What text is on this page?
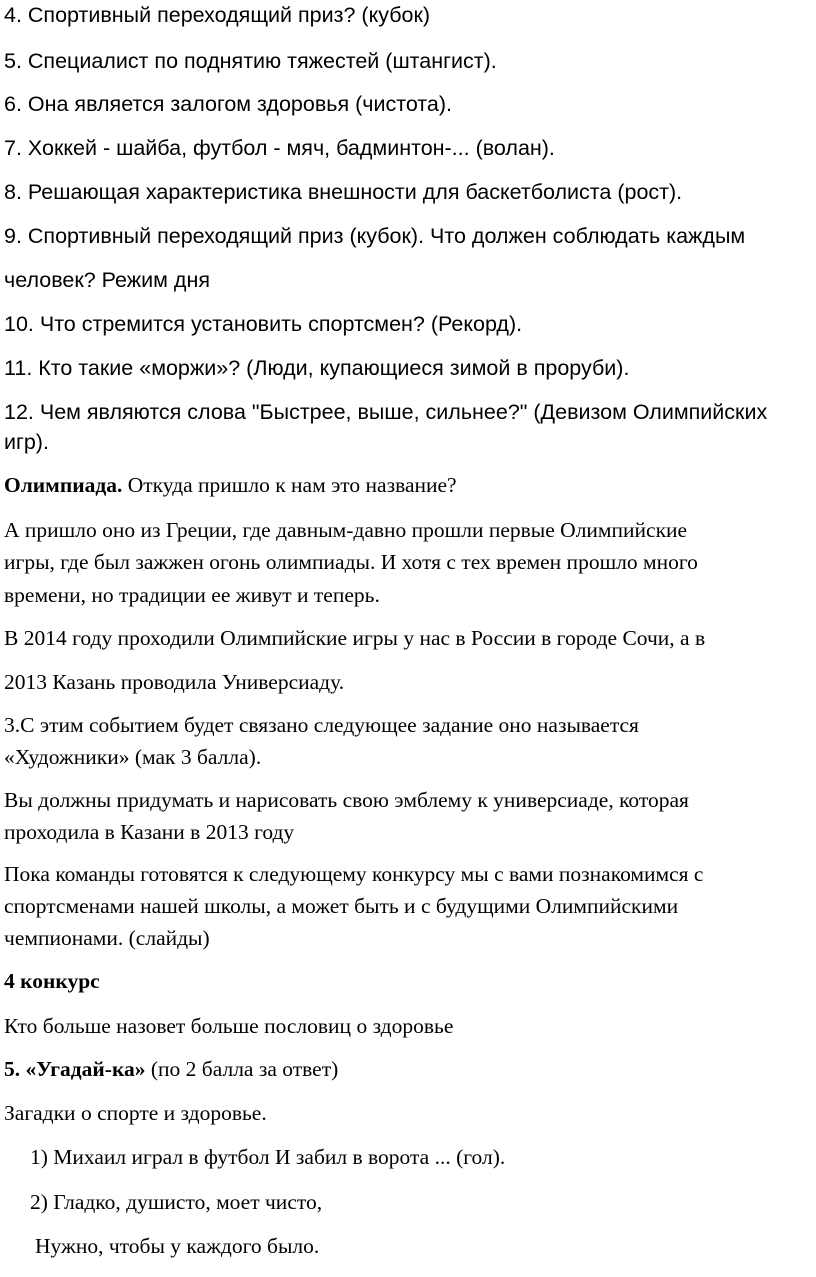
4. Спортивный переходящий приз? (кубок)
5. Специалист по поднятию тяжестей (штангист).
6. Она является залогом здоровья (чистота).
7. Хоккей - шайба, футбол - мяч, бадминтон-... (волан).
8. Решающая характеристика внешности для баскетболиста (рост).
9. Спортивный переходящий приз (кубок). Что должен соблюдать каждым
человек? Режим дня
10. Что стремится установить спортсмен? (Рекорд).
11. Кто такие «моржи»? (Люди, купающиеся зимой в проруби).
12. Чем являются слова "Быстрее, выше, сильнее?" (Девизом Олимпийских
игр).
Олимпиада. Откуда пришло к нам это название?
А пришло оно из Греции, где давным-давно прошли первые Олимпийские
игры, где был зажжен огонь олимпиады. И хотя с тех времен прошло много
времени, но традиции ее живут и теперь.
В 2014 году проходили Олимпийские игры у нас в России в городе Сочи, а в
2013 Казань проводила Универсиаду.
3.С этим событием будет связано следующее задание оно называется
«Художники» (мак 3 балла).
Вы должны придумать и нарисовать свою эмблему к универсиаде, которая
проходила в Казани в 2013 году
Пока команды готовятся к следующему конкурсу мы с вами познакомимся с
спортсменами нашей школы, а может быть и с будущими Олимпийскими
чемпионами. (слайды)
4 конкурс
Кто больше назовет больше пословиц о здоровье
5. «Угадай-ка» (по 2 балла за ответ)
Загадки о спорте и здоровье.
1) Михаил играл в футбол И забил в ворота ... (гол).
2) Гладко, душисто, моет чисто,
Нужно, чтобы у каждого было.
